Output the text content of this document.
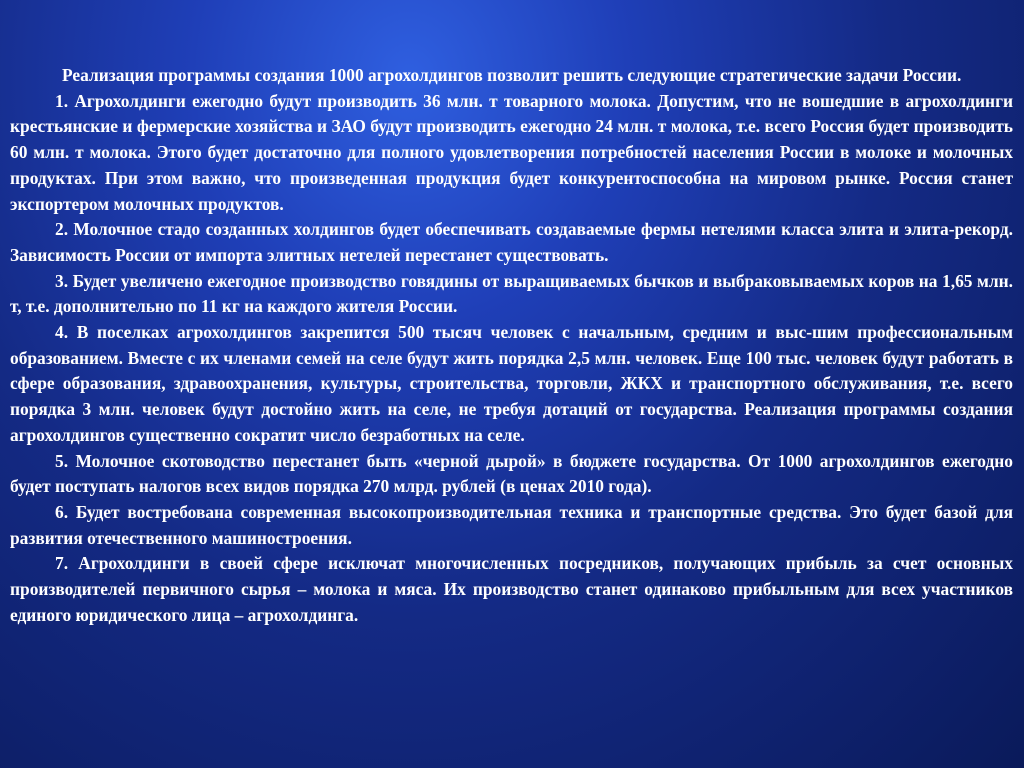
Реализация программы создания 1000 агрохолдингов позволит решить следующие стратегические задачи России.

1. Агрохолдинги ежегодно будут производить 36 млн. т товарного молока. Допустим, что не вошедшие в агрохолдинги крестьянские и фермерские хозяйства и ЗАО будут производить ежегодно 24 млн. т молока, т.е. всего Россия будет производить 60 млн. т молока. Этого будет достаточно для полного удовлетворения потребностей населения России в молоке и молочных продуктах. При этом важно, что произведенная продукция будет конкурентоспособна на мировом рынке. Россия станет экспортером молочных продуктов.

2. Молочное стадо созданных холдингов будет обеспечивать создаваемые фермы нетелями класса элита и элита-рекорд. Зависимость России от импорта элитных нетелей перестанет существовать.

3. Будет увеличено ежегодное производство говядины от выращиваемых бычков и выбраковываемых коров на 1,65 млн. т, т.е. дополнительно по 11 кг на каждого жителя России.

4. В поселках агрохолдингов закрепится 500 тысяч человек с начальным, средним и выс-шим профессиональным образованием. Вместе с их членами семей на селе будут жить порядка 2,5 млн. человек. Еще 100 тыс. человек будут работать в сфере образования, здравоохранения, культуры, строительства, торговли, ЖКХ и транспортного обслуживания, т.е. всего порядка 3 млн. человек будут достойно жить на селе, не требуя дотаций от государства. Реализация программы создания агрохолдингов существенно сократит число безработных на селе.

5. Молочное скотоводство перестанет быть «черной дырой» в бюджете государства. От 1000 агрохолдингов ежегодно будет поступать налогов всех видов порядка 270 млрд. рублей (в ценах 2010 года).

6. Будет востребована современная высокопроизводительная техника и транспортные средства. Это будет базой для развития отечественного машиностроения.

7. Агрохолдинги в своей сфере исключат многочисленных посредников, получающих прибыль за счет основных производителей первичного сырья – молока и мяса. Их производство станет одинаково прибыльным для всех участников единого юридического лица – агрохолдинга.
